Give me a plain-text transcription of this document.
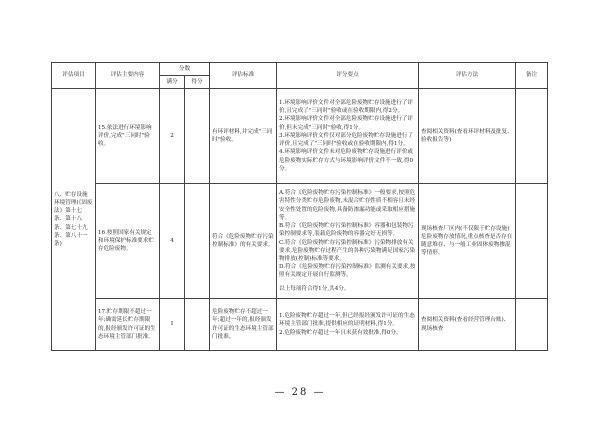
评估项目	评估主要内容	分数		评估标准	评分要点	评估方法	备注
		满分	得分				
八、贮存设施环境管理(《固废法》第十七条、第十八条、第七十九条、第八十一条)	15.依法进行环境影响评价,完成"三同时"验收。	2		有环评材料,并完成"三同时"验收。	1.环境影响评价文件对全部危险废物贮存设施进行了评价,且完成了"三同时"验收或在验收期限内,得2分。
2.环境影响评价文件对全部危险废物贮存设施进行了评价,但未完成"三同时"验收,得1分。
3.环境影响评价文件仅对部分危险废物贮存设施进行了评价,且完成了"三同时"验收或在验收期限内,得1分。
4.环境影响评价文件未对危险废物贮存设施进行评价或危险废物实际贮存方式与环境影响评价文件不一致,得0分。	查阅相关资料(查看环评材料及批复、验收报告等)	
	16.按照国家有关规定和环境保护标准要求贮存危险废物。	4		符合《危险废物贮存污染控制标准》的有关要求。	A.符合《危险废物贮存污染控制标准》一般要求,按照危害特性分类贮存危险废物,未混合贮存性质不相容且未经安全性处置的危险废物,具备防渗漏功能或采取相应措施等。
B.符合《危险废物贮存污染控制标准》容器和包装物污染控制要求等,装载危险废物的容器完好无损等。
C.符合《危险废物贮存污染控制标准》污染物排放有关要求,危险废物贮存过程产生的各种污染物满足国家污染物排放(控制)标准等要求。
D.符合《危险废物贮存污染控制标准》监测有关要求,按照有关规定开展自行监测等。
以上每项符合得1分,共4分。	现场核查厂区内(不仅限于贮存设施)危险废物存放情况,重点核查是否存在随意堆存、与一般工业固体废物掺混等情形。	
	17.贮存期限不超过一年;确需延长贮存期限的,报经颁发许可证的生态环境主管部门批准。	1		危险废物贮存不超过一年;超过一年的,报经颁发许可证的生态环境主管部门批准。	1.危险废物贮存超过一年,但已经报经颁发许可证的生态环境主管部门批准,提供相应的证明材料,得1分。
2.危险废物贮存超过一年且未获有效批准,得0分。	查阅相关资料(查看经营管理台账)、现场核查	
— 28 —
